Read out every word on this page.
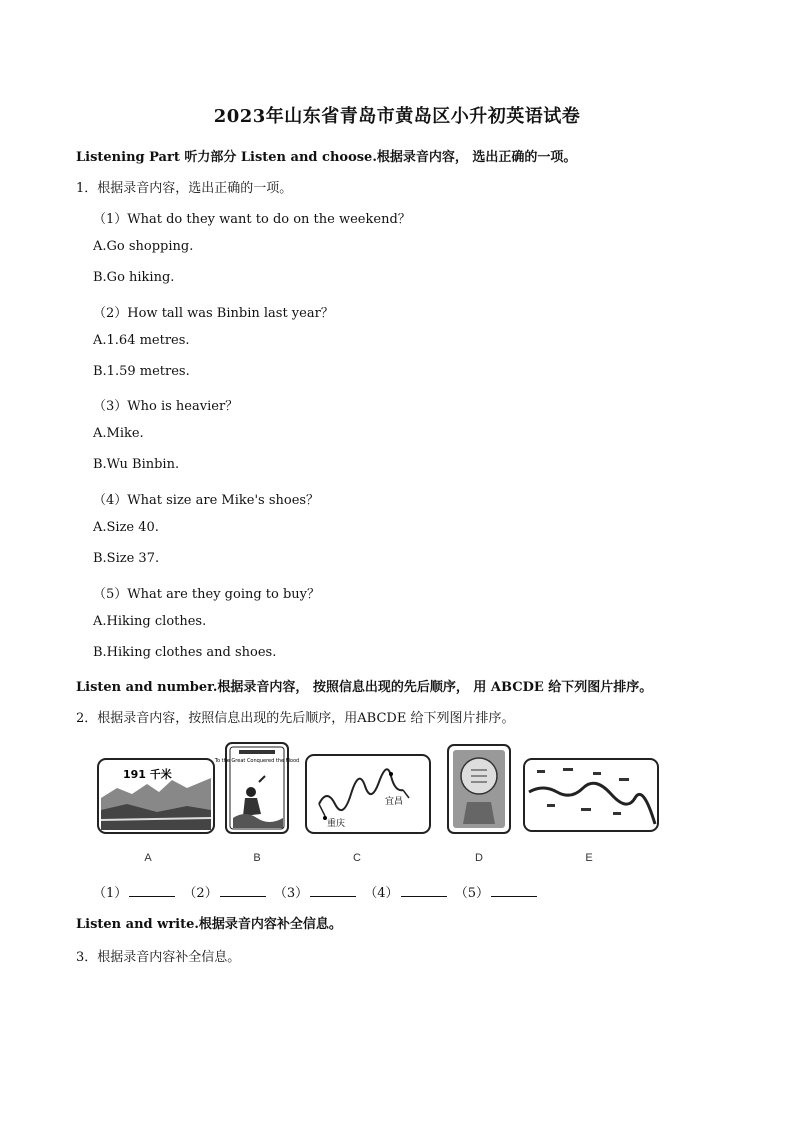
2023年山东省青岛市黄岛区小升初英语试卷
Listening Part 听力部分 Listen and choose.根据录音内容， 选出正确的一项。
1．根据录音内容，选出正确的一项。
（1）What do they want to do on the weekend？
A.Go shopping.
B.Go hiking.
（2）How tall was Binbin last year？
A.1.64 metres.
B.1.59 metres.
（3）Who is heavier？
A.Mike.
B.Wu Binbin.
（4）What size are Mike's shoes？
A.Size 40.
B.Size 37.
（5）What are they going to buy？
A.Hiking clothes.
B.Hiking clothes and shoes.
Listen and number.根据录音内容， 按照信息出现的先后顺序， 用 ABCDE 给下列图片排序。
2．根据录音内容，按照信息出现的先后顺序，用ABCDE 给下列图片排序。
191 千米
A
To the Great Conquered the Flood
B
重庆
宜昌
C	D	E
（1）	（2）	（3）	（4）	（5）
Listen and write.根据录音内容补全信息。
3．根据录音内容补全信息。
